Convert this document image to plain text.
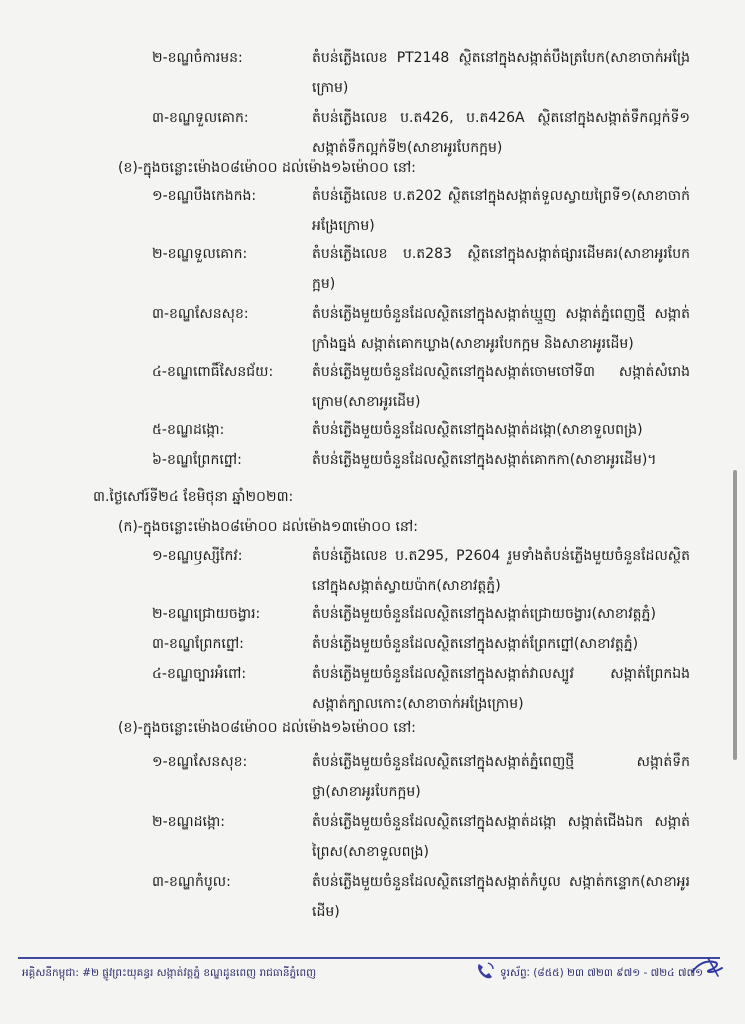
២-ខណ្ឌចំការមន:	តំបន់ភ្លើងលេខ PT2148 ស្ថិតនៅក្នុងសង្កាត់បឹងត្របែក(សាខាចាក់អង្រែក្រោម)
៣-ខណ្ឌទួលគោក:	តំបន់ភ្លើងលេខ ប.ត426, ប.ត426A ស្ថិតនៅក្នុងសង្កាត់ទឹកល្អក់ទី១ សង្កាត់ទឹកល្អក់ទី២(សាខាអូរបែកក្អម)
(ខ)-ក្នុងចន្លោះម៉ោង០៨ម៉ោ០០ ដល់ម៉ោង១៦ម៉ោ០០ នៅ:
១-ខណ្ឌបឹងកេងកង:	តំបន់ភ្លើងលេខ ប.ត202 ស្ថិតនៅក្នុងសង្កាត់ទួលស្វាយព្រៃទី១(សាខាចាក់អង្រែក្រោម)
២-ខណ្ឌទួលគោក:	តំបន់ភ្លើងលេខ ប.ត283 ស្ថិតនៅក្នុងសង្កាត់ផ្សារដើមគរ(សាខាអូរបែកក្អម)
៣-ខណ្ឌសែនសុខ:	តំបន់ភ្លើងមួយចំនួនដែលស្ថិតនៅក្នុងសង្កាត់ឃ្មួញ សង្កាត់ភ្នំពេញថ្មី សង្កាត់ក្រាំងធ្នង់ សង្កាត់គោកឃ្លាង(សាខាអូរបែកក្អម និងសាខាអូរដើម)
៤-ខណ្ឌពោធិ៍សែនជ័យ:	តំបន់ភ្លើងមួយចំនួនដែលស្ថិតនៅក្នុងសង្កាត់ចោមចៅទី៣ សង្កាត់សំរោងក្រោម(សាខាអូរដើម)
៥-ខណ្ឌដង្កោ:	តំបន់ភ្លើងមួយចំនួនដែលស្ថិតនៅក្នុងសង្កាត់ដង្កោ(សាខាទួលពង្រ)
៦-ខណ្ឌព្រែកព្នៅ:	តំបន់ភ្លើងមួយចំនួនដែលស្ថិតនៅក្នុងសង្កាត់គោកកា(សាខាអូរដើម)។
៣.ថ្ងៃសៅរ៍ទី២៤ ខែមិថុនា ឆ្នាំ២០២៣:
(ក)-ក្នុងចន្លោះម៉ោង០៨ម៉ោ០០ ដល់ម៉ោង១៣ម៉ោ០០ នៅ:
១-ខណ្ឌឫស្សីកែវ:	តំបន់ភ្លើងលេខ ប.ត295, P2604 រួមទាំងតំបន់ភ្លើងមួយចំនួនដែលស្ថិតនៅក្នុងសង្កាត់ស្វាយប៉ាក(សាខាវត្តភ្នំ)
២-ខណ្ឌជ្រោយចង្វារ:	តំបន់ភ្លើងមួយចំនួនដែលស្ថិតនៅក្នុងសង្កាត់ជ្រោយចង្វារ(សាខាវត្តភ្នំ)
៣-ខណ្ឌព្រែកព្នៅ:	តំបន់ភ្លើងមួយចំនួនដែលស្ថិតនៅក្នុងសង្កាត់ព្រែកព្នៅ(សាខាវត្តភ្នំ)
៤-ខណ្ឌច្បារអំពៅ:	តំបន់ភ្លើងមួយចំនួនដែលស្ថិតនៅក្នុងសង្កាត់វាលស្បូវ សង្កាត់ព្រែកឯង សង្កាត់ក្បាលកោះ(សាខាចាក់អង្រែក្រោម)
(ខ)-ក្នុងចន្លោះម៉ោង០៨ម៉ោ០០ ដល់ម៉ោង១៦ម៉ោ០០ នៅ:
១-ខណ្ឌសែនសុខ:	តំបន់ភ្លើងមួយចំនួនដែលស្ថិតនៅក្នុងសង្កាត់ភ្នំពេញថ្មី សង្កាត់ទឹកថ្លា(សាខាអូរបែកក្អម)
២-ខណ្ឌដង្កោ:	តំបន់ភ្លើងមួយចំនួនដែលស្ថិតនៅក្នុងសង្កាត់ដង្កោ សង្កាត់ជើងឯក សង្កាត់ព្រៃស(សាខាទួលពង្រ)
៣-ខណ្ឌកំបូល:	តំបន់ភ្លើងមួយចំនួនដែលស្ថិតនៅក្នុងសង្កាត់កំបូល សង្កាត់កន្ទោក(សាខាអូរដើម)
អគ្គិសនីកម្ពុជា: #២ ផ្លូវព្រះយុគន្ធរ សង្កាត់វត្តភ្នំ ខណ្ឌដូនពេញ រាជធានីភ្នំពេញ	ទូរស័ព្ទៈ (៨៥៥) ២៣ ៧២៣ ៩៧១ - ៧២៤ ៧៧១
